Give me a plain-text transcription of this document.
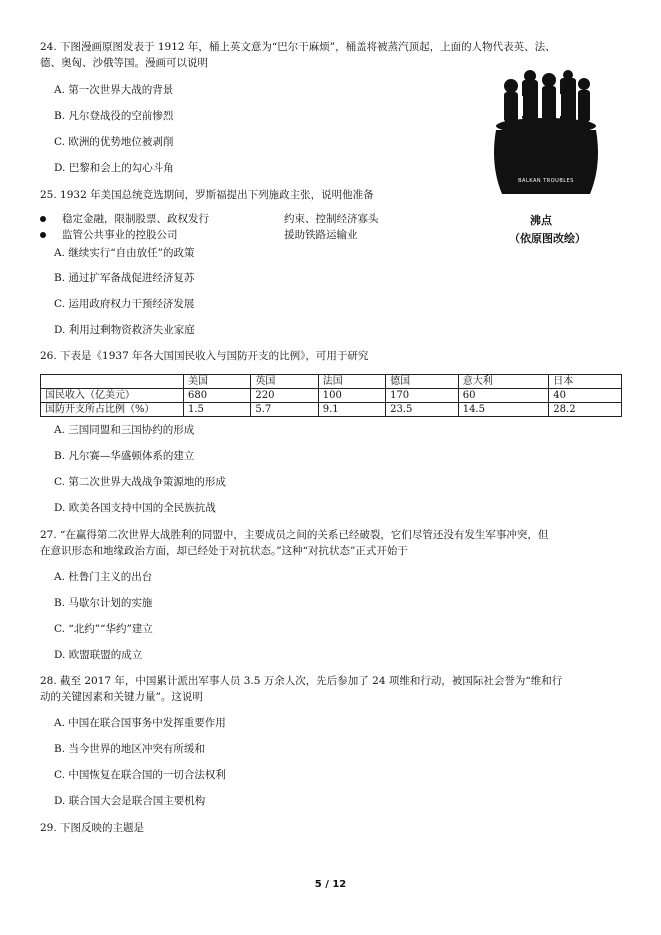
24. 下图漫画原图发表于 1912 年，桶上英文意为“巴尔干麻烦”，桶盖将被蒸汽顶起，上面的人物代表英、法、
德、奥匈、沙俄等国。漫画可以说明
A. 第一次世界大战的背景
B. 凡尔登战役的空前惨烈
C. 欧洲的优势地位被剥削
D. 巴黎和会上的勾心斗角
BALKAN TROUBLES
沸点
（依原图改绘）
25. 1932 年美国总统竞选期间，罗斯福提出下列施政主张，说明他准备
稳定金融，限制股票、政权发行	约束、控制经济寡头
监管公共事业的控股公司	援助铁路运输业
A. 继续实行“自由放任”的政策
B. 通过扩军备战促进经济复苏
C. 运用政府权力干预经济发展
D. 利用过剩物资救济失业家庭
26. 下表是《1937 年各大国国民收入与国防开支的比例》，可用于研究
	美国	英国	法国	德国	意大利	日本
国民收入（亿美元）	680	220	100	170	60	40
国防开支所占比例（%）	1.5	5.7	9.1	23.5	14.5	28.2
A. 三国同盟和三国协约的形成
B. 凡尔赛—华盛顿体系的建立
C. 第二次世界大战战争策源地的形成
D. 欧美各国支持中国的全民族抗战
27. “在赢得第二次世界大战胜利的同盟中，主要成员之间的关系已经破裂，它们尽管还没有发生军事冲突，但
在意识形态和地缘政治方面，却已经处于对抗状态。”这种“对抗状态”正式开始于
A. 杜鲁门主义的出台
B. 马歇尔计划的实施
C. “北约”“华约”建立
D. 欧盟联盟的成立
28. 截至 2017 年，中国累计派出军事人员 3.5 万余人次，先后参加了 24 项维和行动，被国际社会誉为“维和行
动的关键因素和关键力量”。这说明
A. 中国在联合国事务中发挥重要作用
B. 当今世界的地区冲突有所缓和
C. 中国恢复在联合国的一切合法权利
D. 联合国大会是联合国主要机构
29. 下图反映的主题是
5 / 12
